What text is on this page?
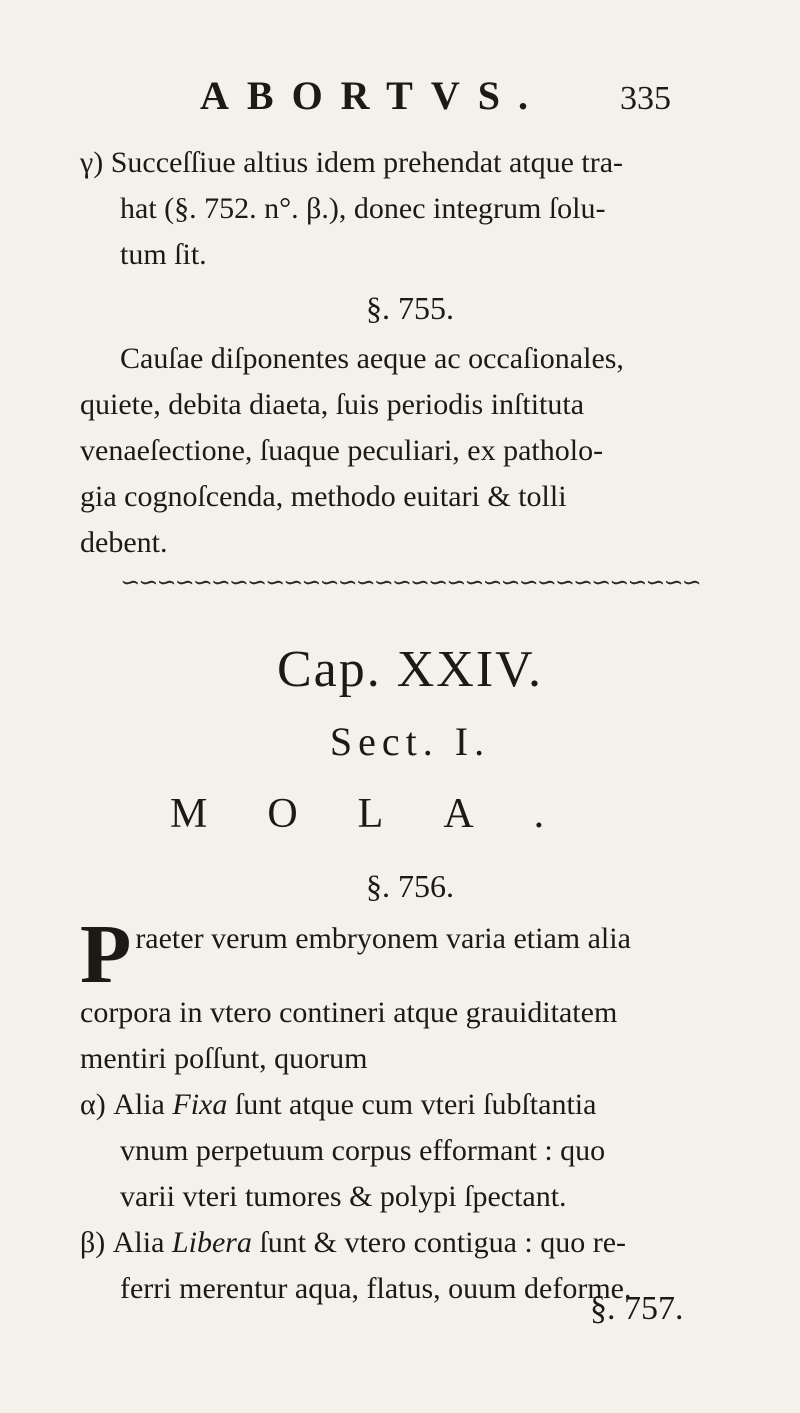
ABORTVS. 335
γ) Succeſſiue altius idem prehendat atque tra-
hat (§. 752. n°. β.), donec integrum ſolu-
tum ſit.
§. 755.
Cauſae diſponentes aeque ac occaſionales,
quiete, debita diaeta, ſuis periodis inſtituta
venaeſectione, ſuaque peculiari, ex patholo-
gia cognoſcenda, methodo euitari & tolli
debent.
∽∽∽∽∽∽∽∽∽∽∽∽∽∽∽∽∽∽∽∽∽∽∽∽∽∽∽∽∽∽∽∽
Cap. XXIV.
Sect. I.
MOLA.
§. 756.
P raeter verum embryonem varia etiam alia
corpora in vtero contineri atque grauiditatem
mentiri poſſunt, quorum
α) Alia Fixa ſunt atque cum vteri ſubſtantia
vnum perpetuum corpus efformant : quo
varii vteri tumores & polypi ſpectant.
β) Alia Libera ſunt & vtero contigua : quo re-
ferri merentur aqua, flatus, ouum deforme.
§. 757.
